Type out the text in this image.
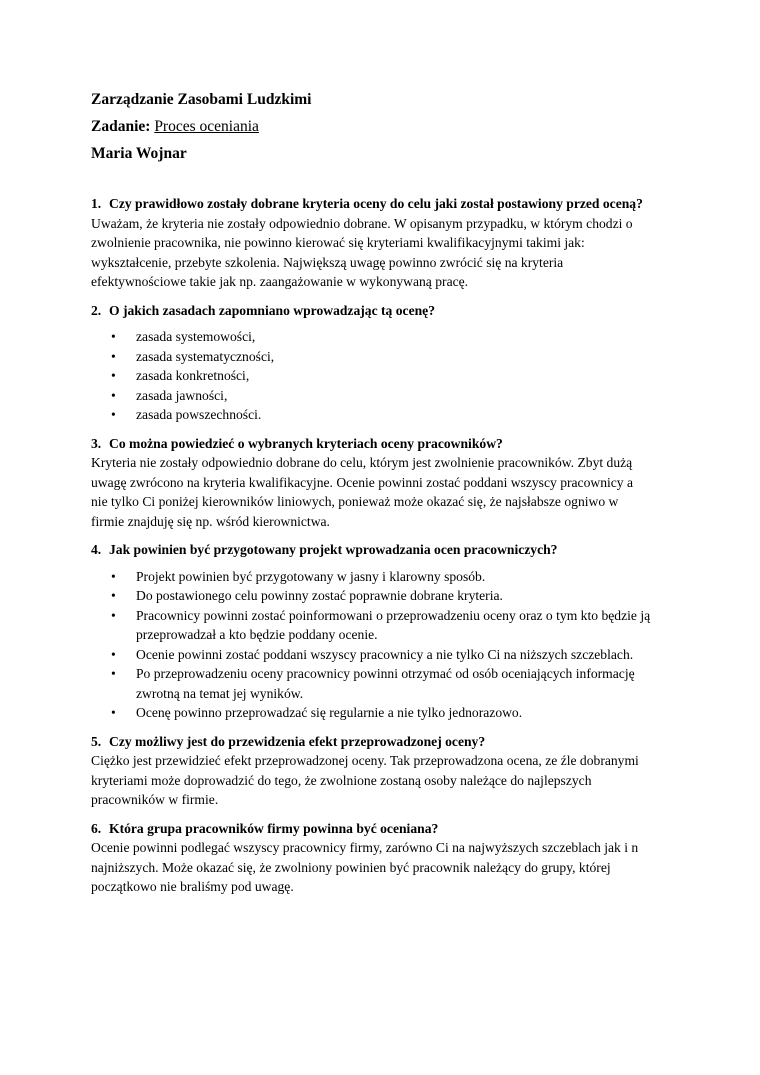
Zarządzanie Zasobami Ludzkimi
Zadanie: Proces oceniania
Maria Wojnar

1. Czy prawidłowo zostały dobrane kryteria oceny do celu jaki został postawiony przed oceną?

Uważam, że kryteria nie zostały odpowiednio dobrane. W opisanym przypadku, w którym chodzi o

zwolnienie pracownika, nie powinno kierować się kryteriami kwalifikacyjnymi takimi jak:

wykształcenie, przebyte szkolenia. Największą uwagę powinno zwrócić się na kryteria

efektywnościowe takie jak np. zaangażowanie w wykonywaną pracę.

2. O jakich zasadach zapomniano wprowadzając tą ocenę?

• zasada systemowości,
• zasada systematyczności,
• zasada konkretności,
• zasada jawności,
• zasada powszechności.

3. Co można powiedzieć o wybranych kryteriach oceny pracowników?

Kryteria nie zostały odpowiednio dobrane do celu, którym jest zwolnienie pracowników. Zbyt dużą

uwagę zwrócono na kryteria kwalifikacyjne. Ocenie powinni zostać poddani wszyscy pracownicy a

nie tylko Ci poniżej kierowników liniowych, ponieważ może okazać się, że najsłabsze ogniwo w

firmie znajduję się np. wśród kierownictwa.

4. Jak powinien być przygotowany projekt wprowadzania ocen pracowniczych?

• Projekt powinien być przygotowany w jasny i klarowny sposób.
• Do postawionego celu powinny zostać poprawnie dobrane kryteria.
• Pracownicy powinni zostać poinformowani o przeprowadzeniu oceny oraz o tym kto będzie ją przeprowadzał a kto będzie poddany ocenie.
• Ocenie powinni zostać poddani wszyscy pracownicy a nie tylko Ci na niższych szczeblach.
• Po przeprowadzeniu oceny pracownicy powinni otrzymać od osób oceniających informację zwrotną na temat jej wyników.
• Ocenę powinno przeprowadzać się regularnie a nie tylko jednorazowo.

5. Czy możliwy jest do przewidzenia efekt przeprowadzonej oceny?

Ciężko jest przewidzieć efekt przeprowadzonej oceny. Tak przeprowadzona ocena, ze źle dobranymi

kryteriami może doprowadzić do tego, że zwolnione zostaną osoby należące do najlepszych

pracowników w firmie.

6. Która grupa pracowników firmy powinna być oceniana?

Ocenie powinni podlegać wszyscy pracownicy firmy, zarówno Ci na najwyższych szczeblach jak i n

najniższych. Może okazać się, że zwolniony powinien być pracownik należący do grupy, której

początkowo nie braliśmy pod uwagę.
